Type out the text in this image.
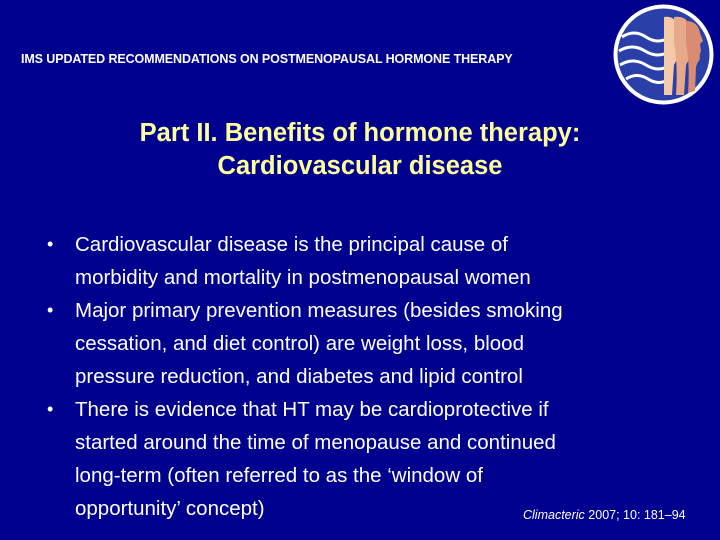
IMS UPDATED RECOMMENDATIONS ON POSTMENOPAUSAL HORMONE THERAPY
Part II. Benefits of hormone therapy:
Cardiovascular disease
• Cardiovascular disease is the principal cause of
morbidity and mortality in postmenopausal women
• Major primary prevention measures (besides smoking
cessation, and diet control) are weight loss, blood
pressure reduction, and diabetes and lipid control
• There is evidence that HT may be cardioprotective if
started around the time of menopause and continued
long-term (often referred to as the ‘window of
opportunity’ concept)	Climacteric 2007; 10: 181–94
